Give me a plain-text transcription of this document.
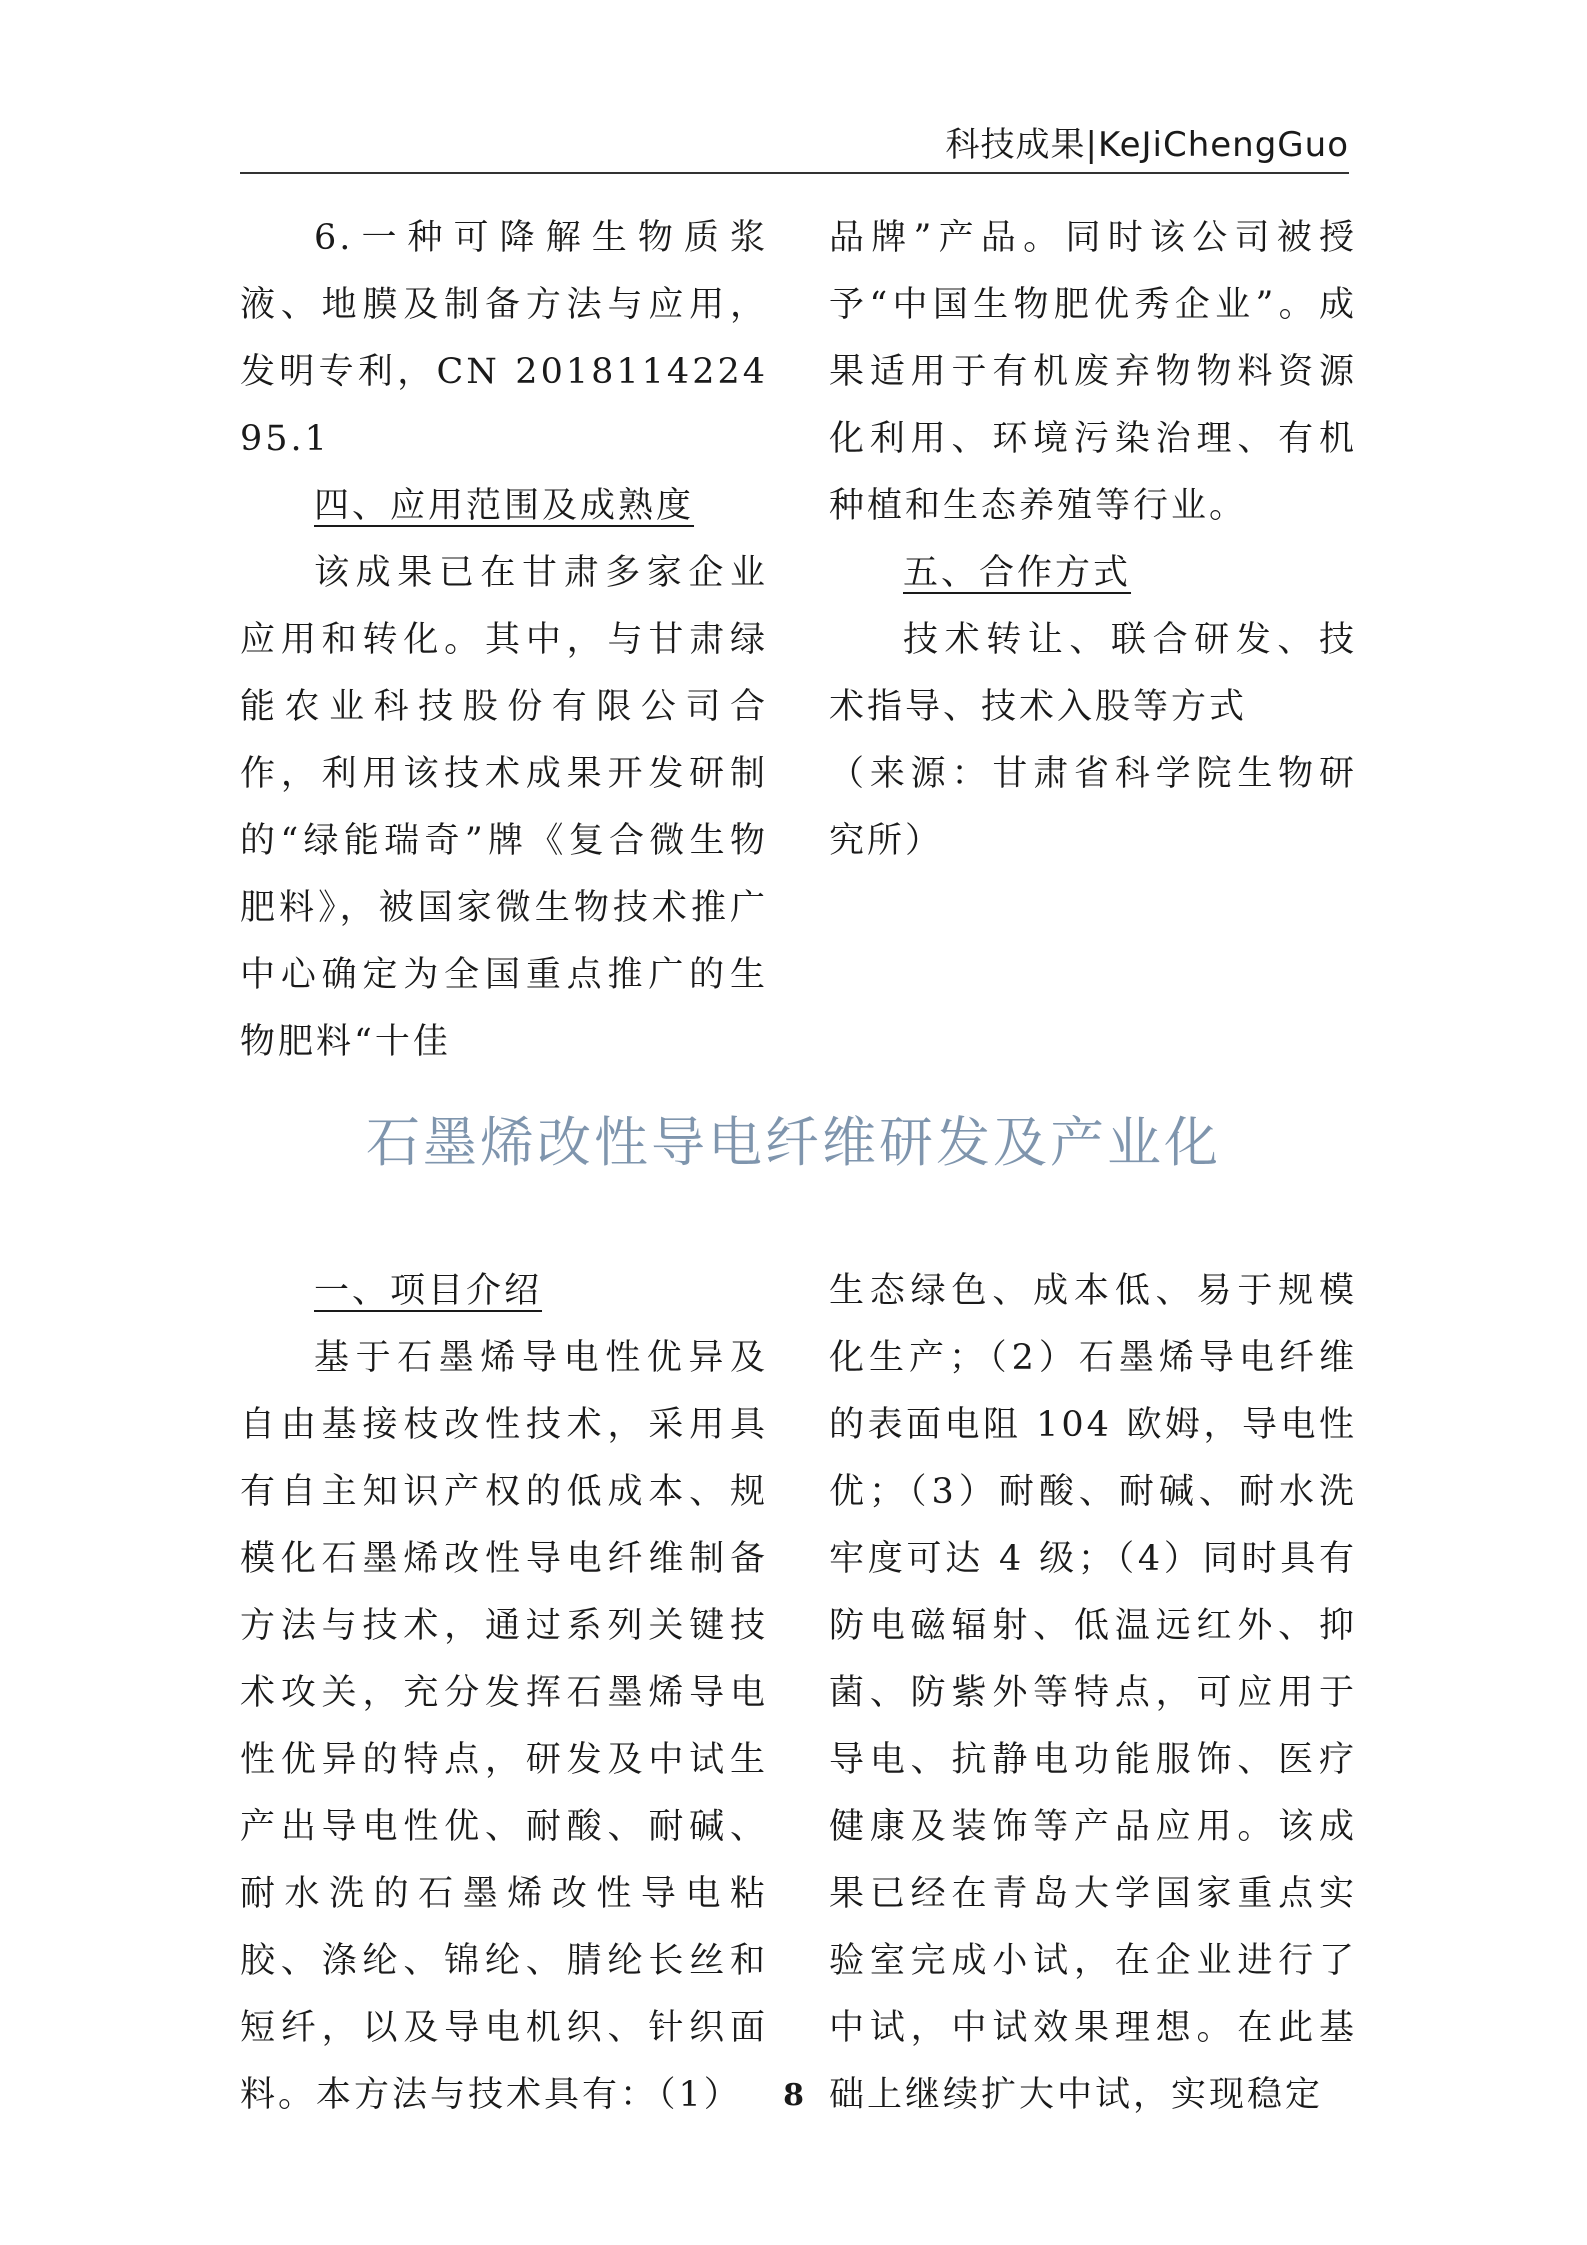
科技成果|KeJiChengGuo

6.一种可降解生物质浆液、地膜及制备方法与应用，发明专利，CN 201811422495.1

四、应用范围及成熟度

该成果已在甘肃多家企业应用和转化。其中，与甘肃绿能农业科技股份有限公司合作，利用该技术成果开发研制的“绿能瑞奇”牌《复合微生物肥料》，被国家微生物技术推广中心确定为全国重点推广的生物肥料“十佳

品牌”产品。同时该公司被授予“中国生物肥优秀企业”。成果适用于有机废弃物物料资源化利用、环境污染治理、有机种植和生态养殖等行业。

五、合作方式

技术转让、联合研发、技术指导、技术入股等方式

（来源：甘肃省科学院生物研究所）

石墨烯改性导电纤维研发及产业化

一、项目介绍

基于石墨烯导电性优异及自由基接枝改性技术，采用具有自主知识产权的低成本、规模化石墨烯改性导电纤维制备方法与技术，通过系列关键技术攻关，充分发挥石墨烯导电性优异的特点，研发及中试生产出导电性优、耐酸、耐碱、耐水洗的石墨烯改性导电粘胶、涤纶、锦纶、腈纶长丝和短纤，以及导电机织、针织面料。本方法与技术具有：（1）

生态绿色、成本低、易于规模化生产；（2）石墨烯导电纤维的表面电阻 104 欧姆，导电性优；（3）耐酸、耐碱、耐水洗牢度可达 4 级；（4）同时具有防电磁辐射、低温远红外、抑菌、防紫外等特点，可应用于导电、抗静电功能服饰、医疗健康及装饰等产品应用。该成果已经在青岛大学国家重点实验室完成小试，在企业进行了中试，中试效果理想。在此基础上继续扩大中试，实现稳定

8
